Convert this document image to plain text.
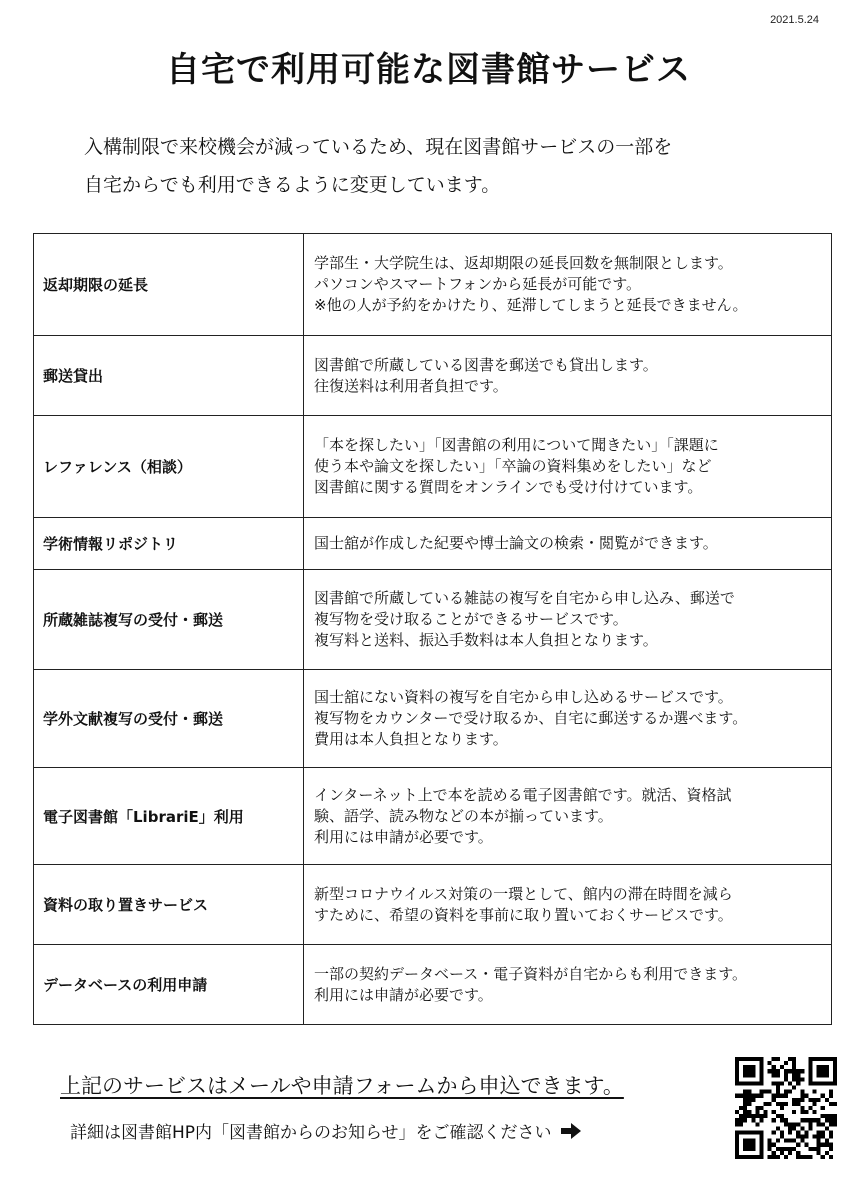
2021.5.24
自宅で利用可能な図書館サービス
入構制限で来校機会が減っているため、現在図書館サービスの一部を
自宅からでも利用できるように変更しています。
返却期限の延長	学部生・大学院生は、返却期限の延長回数を無制限とします。
パソコンやスマートフォンから延長が可能です。
※他の人が予約をかけたり、延滞してしまうと延長できません。

郵送貸出	図書館で所蔵している図書を郵送でも貸出します。
往復送料は利用者負担です。

レファレンス（相談）	「本を探したい」「図書館の利用について聞きたい」「課題に
使う本や論文を探したい」「卒論の資料集めをしたい」など
図書館に関する質問をオンラインでも受け付けています。

学術情報リポジトリ	国士舘が作成した紀要や博士論文の検索・閲覧ができます。

所蔵雑誌複写の受付・郵送	図書館で所蔵している雑誌の複写を自宅から申し込み、郵送で
複写物を受け取ることができるサービスです。
複写料と送料、振込手数料は本人負担となります。

学外文献複写の受付・郵送	国士舘にない資料の複写を自宅から申し込めるサービスです。
複写物をカウンターで受け取るか、自宅に郵送するか選べます。
費用は本人負担となります。

電子図書館「LibrariE」利用	インターネット上で本を読める電子図書館です。就活、資格試
験、語学、読み物などの本が揃っています。
利用には申請が必要です。

資料の取り置きサービス	新型コロナウイルス対策の一環として、館内の滞在時間を減ら
すために、希望の資料を事前に取り置いておくサービスです。

データベースの利用申請	一部の契約データベース・電子資料が自宅からも利用できます。
利用には申請が必要です。
上記のサービスはメールや申請フォームから申込できます。
詳細は図書館HP内「図書館からのお知らせ」をご確認ください
